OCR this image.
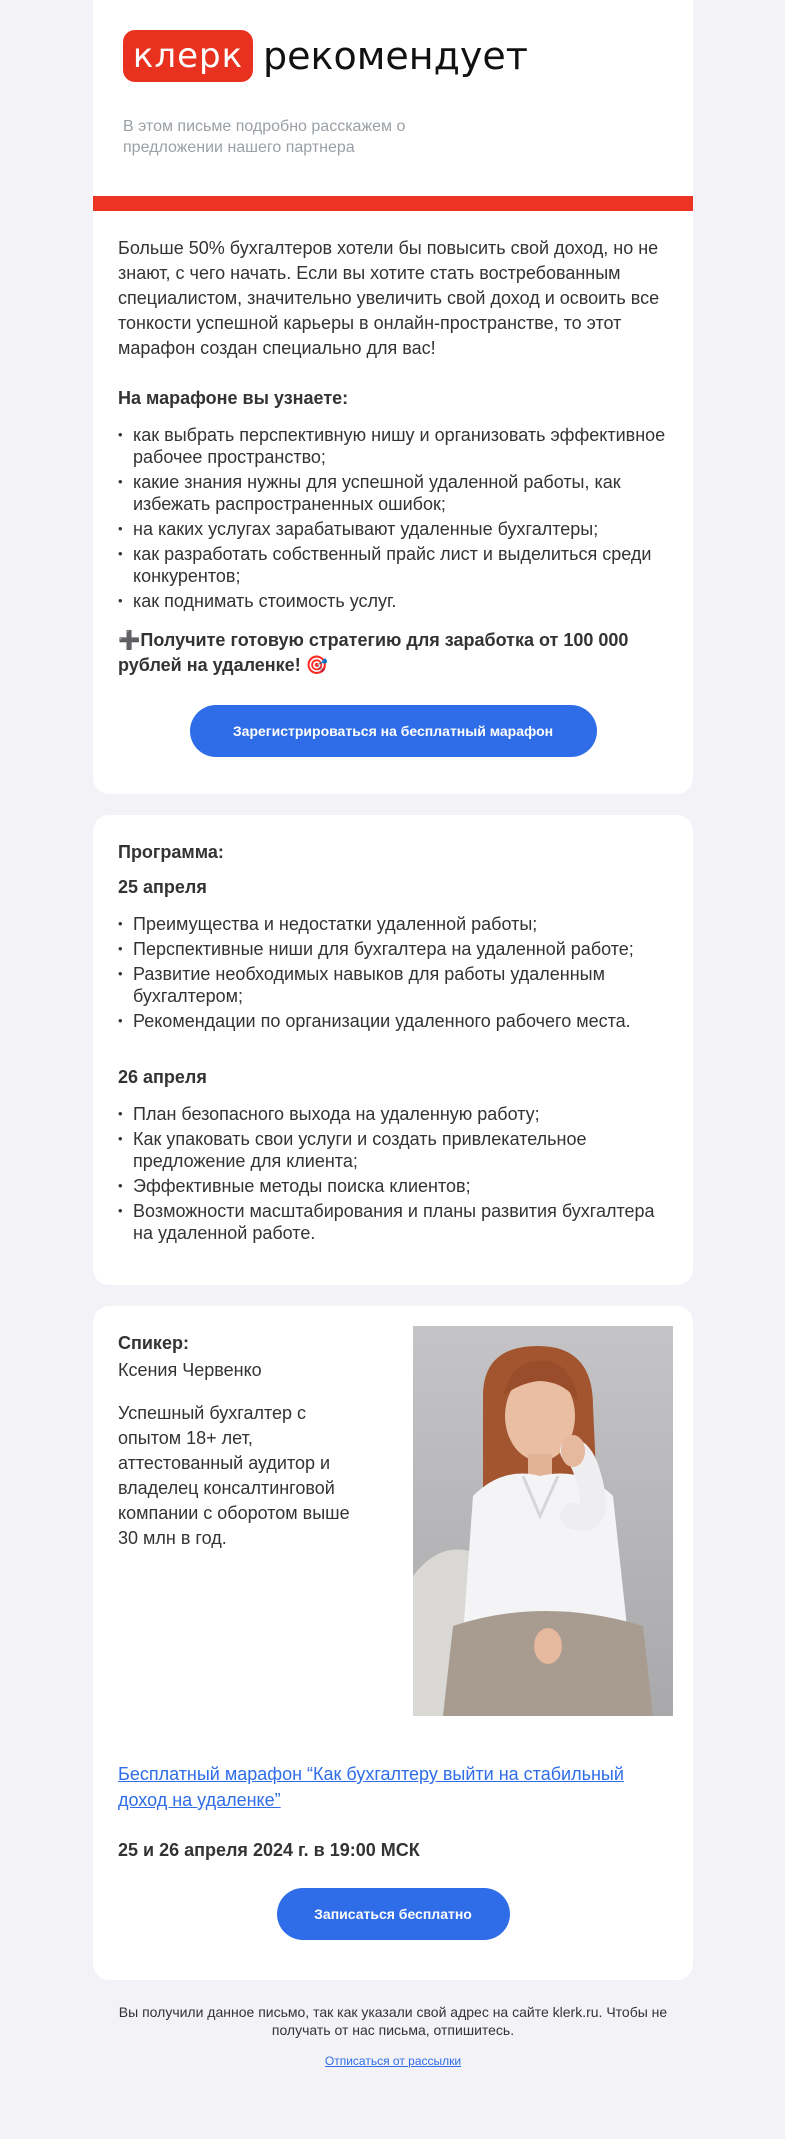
клерк рекомендует
В этом письме подробно расскажем о предложении нашего партнера

Больше 50% бухгалтеров хотели бы повысить свой доход, но не знают, с чего начать. Если вы хотите стать востребованным специалистом, значительно увеличить свой доход и освоить все тонкости успешной карьеры в онлайн-пространстве, то этот марафон создан специально для вас!

На марафоне вы узнаете:
• как выбрать перспективную нишу и организовать эффективное рабочее пространство;
• какие знания нужны для успешной удаленной работы, как избежать распространенных ошибок;
• на каких услугах зарабатывают удаленные бухгалтеры;
• как разработать собственный прайс лист и выделиться среди конкурентов;
• как поднимать стоимость услуг.
➕Получите готовую стратегию для заработка от 100 000 рублей на удаленке! 🎯
Зарегистрироваться на бесплатный марафон
Программа:
25 апреля
• Преимущества и недостатки удаленной работы;
• Перспективные ниши для бухгалтера на удаленной работе;
• Развитие необходимых навыков для работы удаленным бухгалтером;
• Рекомендации по организации удаленного рабочего места.
26 апреля
• План безопасного выхода на удаленную работу;
• Как упаковать свои услуги и создать привлекательное предложение для клиента;
• Эффективные методы поиска клиентов;
• Возможности масштабирования и планы развития бухгалтера на удаленной работе.
Спикер:
Ксения Червенко

Успешный бухгалтер с опытом 18+ лет, аттестованный аудитор и владелец консалтинговой компании с оборотом выше 30 млн в год.

Бесплатный марафон “Как бухгалтеру выйти на стабильный доход на удаленке”
25 и 26 апреля 2024 г. в 19:00 МСК
Записаться бесплатно

Вы получили данное письмо, так как указали свой адрес на сайте klerk.ru. Чтобы не получать от нас письма, отпишитесь.

Отписаться от рассылки
